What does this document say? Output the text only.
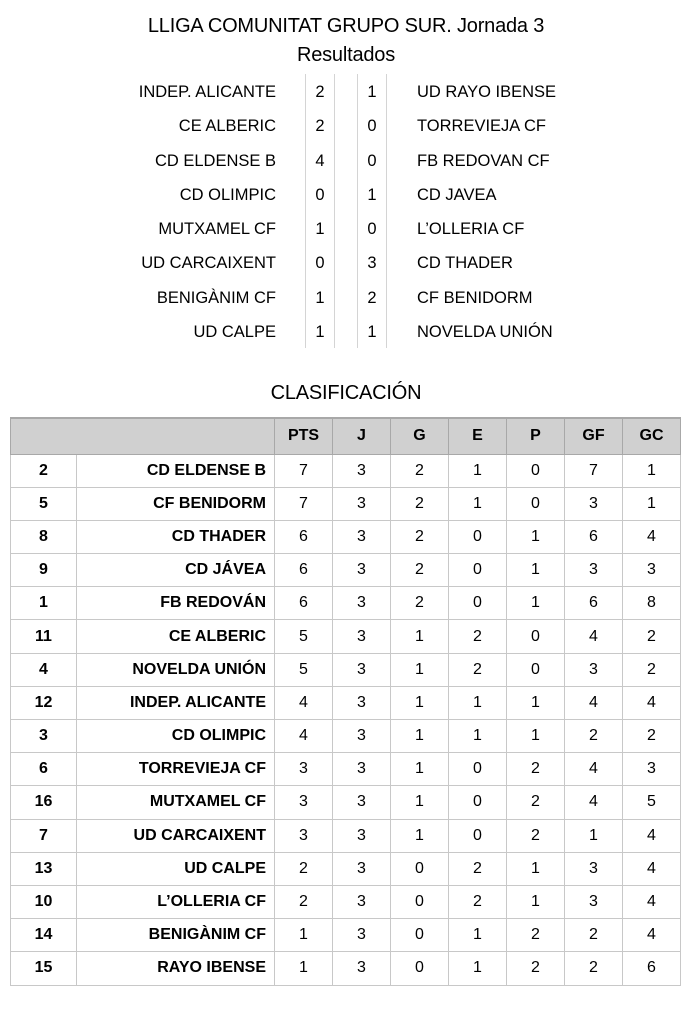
LLIGA COMUNITAT GRUPO SUR. Jornada 3
Resultados
INDEP. ALICANTE	2	1	UD RAYO IBENSE
CE ALBERIC	2	0	TORREVIEJA CF
CD ELDENSE B	4	0	FB REDOVAN CF
CD OLIMPIC	0	1	CD JAVEA
MUTXAMEL CF	1	0	L’OLLERIA CF
UD CARCAIXENT	0	3	CD THADER
BENIGÀNIM CF	1	2	CF BENIDORM
UD CALPE	1	1	NOVELDA UNIÓN
CLASIFICACIÓN
		PTS	J	G	E	P	GF	GC
2	CD ELDENSE B	7	3	2	1	0	7	1
5	CF BENIDORM	7	3	2	1	0	3	1
8	CD THADER	6	3	2	0	1	6	4
9	CD JÁVEA	6	3	2	0	1	3	3
1	FB REDOVÁN	6	3	2	0	1	6	8
11	CE ALBERIC	5	3	1	2	0	4	2
4	NOVELDA UNIÓN	5	3	1	2	0	3	2
12	INDEP. ALICANTE	4	3	1	1	1	4	4
3	CD OLIMPIC	4	3	1	1	1	2	2
6	TORREVIEJA CF	3	3	1	0	2	4	3
16	MUTXAMEL CF	3	3	1	0	2	4	5
7	UD CARCAIXENT	3	3	1	0	2	1	4
13	UD CALPE	2	3	0	2	1	3	4
10	L’OLLERIA CF	2	3	0	2	1	3	4
14	BENIGÀNIM CF	1	3	0	1	2	2	4
15	RAYO IBENSE	1	3	0	1	2	2	6
